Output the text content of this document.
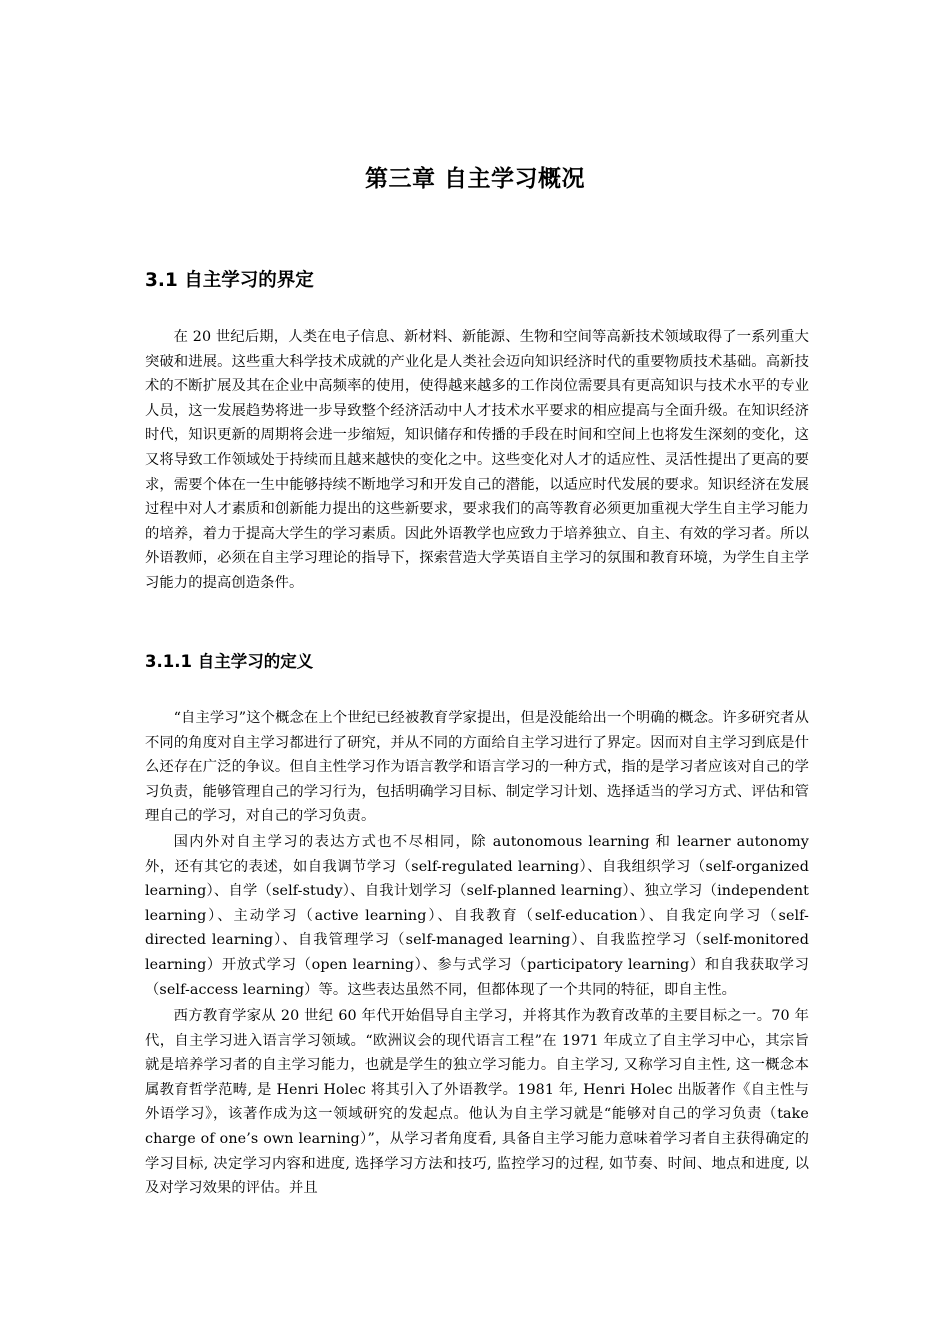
第三章 自主学习概况
3.1 自主学习的界定

在 20 世纪后期，人类在电子信息、新材料、新能源、生物和空间等高新技术领域取得了一系列重大突破和进展。这些重大科学技术成就的产业化是人类社会迈向知识经济时代的重要物质技术基础。高新技术的不断扩展及其在企业中高频率的使用，使得越来越多的工作岗位需要具有更高知识与技术水平的专业人员，这一发展趋势将进一步导致整个经济活动中人才技术水平要求的相应提高与全面升级。在知识经济时代，知识更新的周期将会进一步缩短，知识储存和传播的手段在时间和空间上也将发生深刻的变化，这又将导致工作领域处于持续而且越来越快的变化之中。这些变化对人才的适应性、灵活性提出了更高的要求，需要个体在一生中能够持续不断地学习和开发自己的潜能，以适应时代发展的要求。知识经济在发展过程中对人才素质和创新能力提出的这些新要求，要求我们的高等教育必须更加重视大学生自主学习能力的培养，着力于提高大学生的学习素质。因此外语教学也应致力于培养独立、自主、有效的学习者。所以外语教师，必须在自主学习理论的指导下，探索营造大学英语自主学习的氛围和教育环境，为学生自主学习能力的提高创造条件。

3.1.1 自主学习的定义

“自主学习”这个概念在上个世纪已经被教育学家提出，但是没能给出一个明确的概念。许多研究者从不同的角度对自主学习都进行了研究，并从不同的方面给自主学习进行了界定。因而对自主学习到底是什么还存在广泛的争议。但自主性学习作为语言教学和语言学习的一种方式，指的是学习者应该对自己的学习负责，能够管理自己的学习行为，包括明确学习目标、制定学习计划、选择适当的学习方式、评估和管理自己的学习，对自己的学习负责。

国内外对自主学习的表达方式也不尽相同，除 autonomous learning 和 learner autonomy 外，还有其它的表述，如自我调节学习（self-regulated learning）、自我组织学习（self-organized learning）、自学（self-study）、自我计划学习（self-planned learning）、独立学习（independent learning）、主动学习（active learning）、自我教育（self-education）、自我定向学习（self-directed learning）、自我管理学习（self-managed learning）、自我监控学习（self-monitored learning）开放式学习（open learning）、参与式学习（participatory learning）和自我获取学习（self-access learning）等。这些表达虽然不同，但都体现了一个共同的特征，即自主性。

西方教育学家从 20 世纪 60 年代开始倡导自主学习，并将其作为教育改革的主要目标之一。70 年代，自主学习进入语言学习领域。“欧洲议会的现代语言工程”在 1971 年成立了自主学习中心，其宗旨就是培养学习者的自主学习能力，也就是学生的独立学习能力。自主学习, 又称学习自主性, 这一概念本属教育哲学范畴, 是 Henri Holec 将其引入了外语教学。1981 年, Henri Holec 出版著作《自主性与外语学习》，该著作成为这一领域研究的发起点。他认为自主学习就是“能够对自己的学习负责（take charge of one’s own learning）”，从学习者角度看, 具备自主学习能力意味着学习者自主获得确定的学习目标, 决定学习内容和进度, 选择学习方法和技巧, 监控学习的过程, 如节奏、时间、地点和进度, 以及对学习效果的评估。并且
